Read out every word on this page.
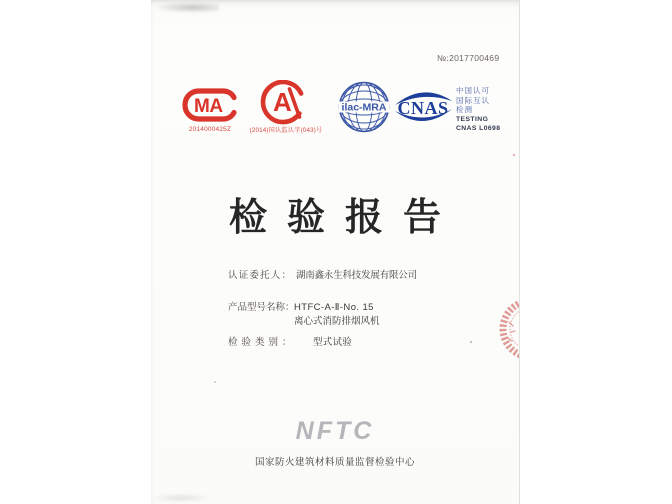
№:2017700469
MA
2014000425Z
A
(2014)国认监认字(043)号
ilac-MRA CNAS
中国认可
国际互认
检测
TESTING
CNAS L0698
检验报告
认证委托人： 湖南鑫永生科技发展有限公司
产品型号名称： HTFC-A-Ⅱ-No. 15
离心式消防排烟风机
检验类别： 型式试验
NFTC
国家防火建筑材料质量监督检验中心
